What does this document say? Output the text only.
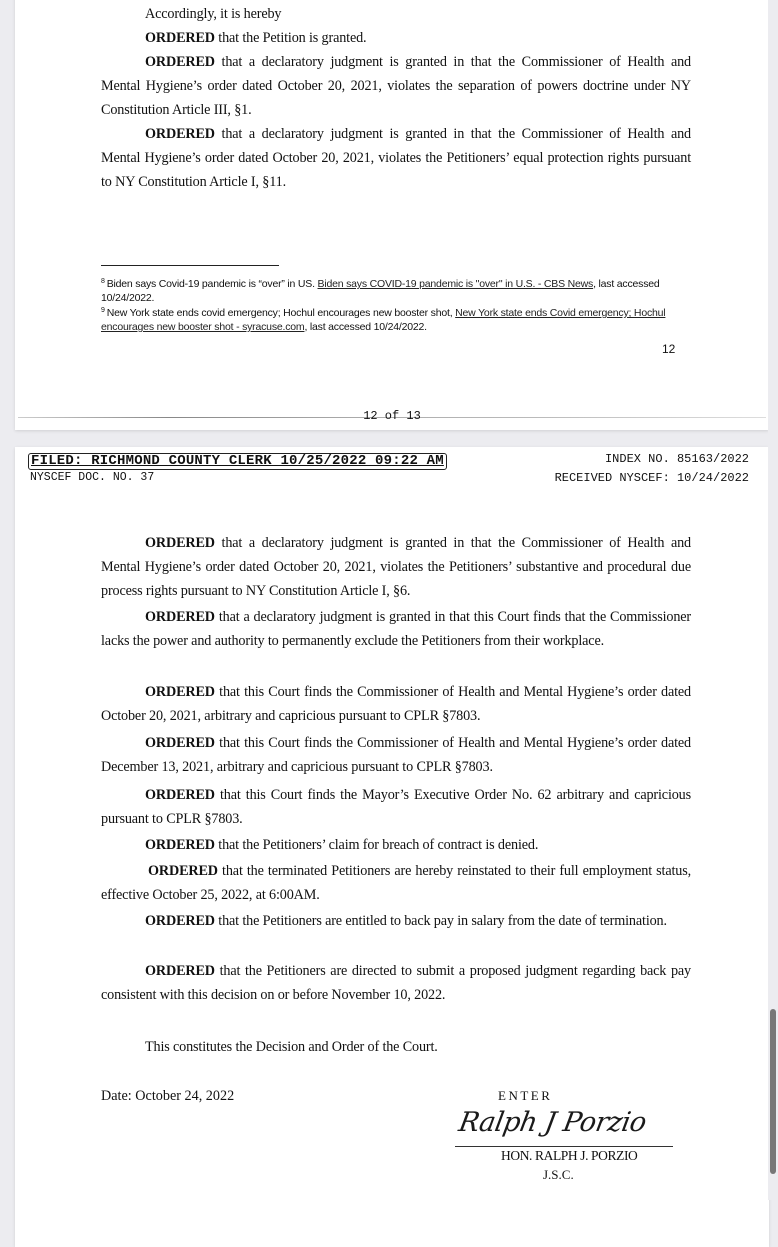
Accordingly, it is hereby
ORDERED that the Petition is granted.
ORDERED that a declaratory judgment is granted in that the Commissioner of Health and Mental Hygiene’s order dated October 20, 2021, violates the separation of powers doctrine under NY Constitution Article III, §1.
ORDERED that a declaratory judgment is granted in that the Commissioner of Health and Mental Hygiene’s order dated October 20, 2021, violates the Petitioners’ equal protection rights pursuant to NY Constitution Article I, §11.
$^8$ Biden says Covid-19 pandemic is “over” in US. Biden says COVID-19 pandemic is "over" in U.S. - CBS News, last accessed 10/24/2022.
$^9$ New York state ends covid emergency; Hochul encourages new booster shot, New York state ends Covid emergency; Hochul encourages new booster shot - syracuse.com, last accessed 10/24/2022.
12
12 of 13
FILED: RICHMOND COUNTY CLERK 10/25/2022 09:22 AM	INDEX NO. 85163/2022
NYSCEF DOC. NO. 37	RECEIVED NYSCEF: 10/24/2022
ORDERED that a declaratory judgment is granted in that the Commissioner of Health and Mental Hygiene’s order dated October 20, 2021, violates the Petitioners’ substantive and procedural due process rights pursuant to NY Constitution Article I, §6.
ORDERED that a declaratory judgment is granted in that this Court finds that the Commissioner lacks the power and authority to permanently exclude the Petitioners from their workplace.
ORDERED that this Court finds the Commissioner of Health and Mental Hygiene’s order dated October 20, 2021, arbitrary and capricious pursuant to CPLR §7803.
ORDERED that this Court finds the Commissioner of Health and Mental Hygiene’s order dated December 13, 2021, arbitrary and capricious pursuant to CPLR §7803.
ORDERED that this Court finds the Mayor’s Executive Order No. 62 arbitrary and capricious pursuant to CPLR §7803.
ORDERED that the Petitioners’ claim for breach of contract is denied.
ORDERED that the terminated Petitioners are hereby reinstated to their full employment status, effective October 25, 2022, at 6:00AM.
ORDERED that the Petitioners are entitled to back pay in salary from the date of termination.
ORDERED that the Petitioners are directed to submit a proposed judgment regarding back pay consistent with this decision on or before November 10, 2022.
This constitutes the Decision and Order of the Court.
Date: October 24, 2022	ENTER
Ralph J Porzio
HON. RALPH J. PORZIO
J.S.C.
